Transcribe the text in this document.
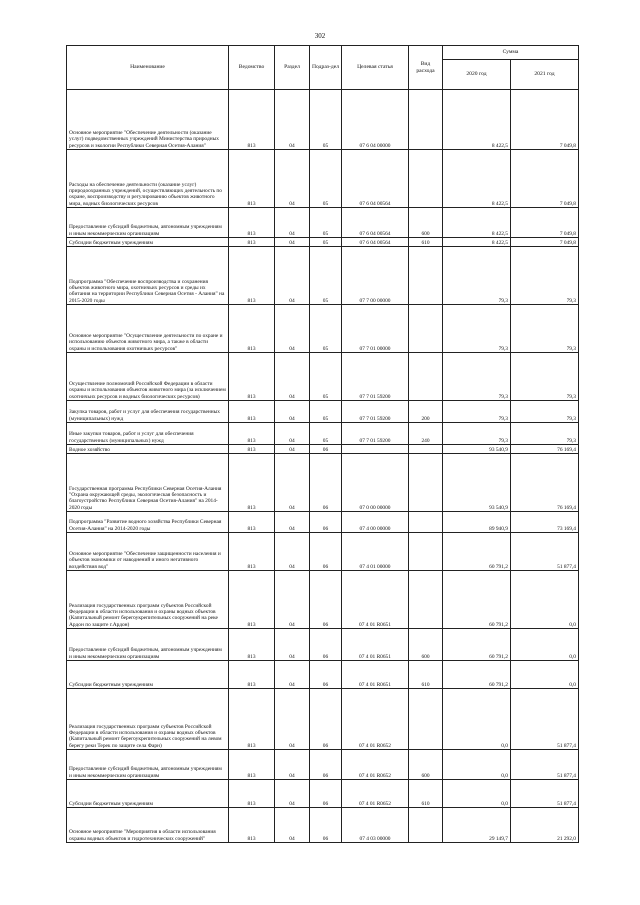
302
Наименование	Ведомство	Раздел	Подраз-дел	Целевая статья	Вид расхода	Сумма	
						2020 год	2021 год
Основное мероприятие "Обеспечение деятельности (оказание услуг) подведомственных учреждений Министерства природных ресурсов и экологии Республики Северная Осетия-Алания"	813	04	05	07 6 04 00000		8 422,5	7 049,8
Расходы на обеспечение деятельности (оказание услуг) природоохранных учреждений, осуществляющих деятельность по охране, воспроизводству и регулированию объектов животного мира, водных биологических ресурсов	813	04	05	07 6 04 00564		8 422,5	7 049,8
Предоставление субсидий бюджетным, автономным учреждениям и иным некоммерческим организациям	813	04	05	07 6 04 00564	600	8 422,5	7 049,8
Субсидии бюджетным учреждениям	813	04	05	07 6 04 00564	610	8 422,5	7 049,8
Подпрограмма "Обеспечение воспроизводства и сохранения объектов животного мира, охотничьих ресурсов и среды их обитания на территории Республики Северная Осетия - Алания" на 2015-2020 годы	813	04	05	07 7 00 00000		79,3	79,3
Основное мероприятие "Осуществление деятельности по охране и использованию объектов животного мира, а также в области охраны и использования охотничьих ресурсов"	813	04	05	07 7 01 00000		79,3	79,3
Осуществление полномочий Российской Федерации в области охраны и использования объектов животного мира (за исключением охотничьих ресурсов и водных биологических ресурсов)	813	04	05	07 7 01 59200		79,3	79,3
Закупка товаров, работ и услуг для обеспечения государственных (муниципальных) нужд	813	04	05	07 7 01 59200	200	79,3	79,3
Иные закупки товаров, работ и услуг для обеспечения государственных (муниципальных) нужд	813	04	05	07 7 01 59200	240	79,3	79,3
Водное хозяйство	813	04	06			93 540,9	76 169,4
Государственная программа Республики Северная Осетия-Алания "Охрана окружающей среды, экологическая безопасность и благоустройство Республики Северная Осетия-Алания" на 2014-2020 годы	813	04	06	07 0 00 00000		93 540,9	76 169,4
Подпрограмма "Развитие водного хозяйства Республики Северная Осетия-Алания" на 2014-2020 годы	813	04	06	07 4 00 00000		89 940,9	73 169,4
Основное мероприятие "Обеспечение защищенности населения и объектов экономики от наводнений и иного негативного воздействия вод"	813	04	06	07 4 01 00000		60 791,2	51 877,4
Реализация государственных программ субъектов Российской Федерации в области использования и охраны водных объектов (Капитальный ремонт берегоукрепительных сооружений на реке Ардон по защите г.Ардон)	813	04	06	07 4 01 R0651		60 791,2	0,0
Предоставление субсидий бюджетным, автономным учреждениям и иным некоммерческим организациям	813	04	06	07 4 01 R0651	600	60 791,2	0,0
Субсидии бюджетным учреждениям	813	04	06	07 4 01 R0651	610	60 791,2	0,0
Реализация государственных программ субъектов Российской Федерации в области использования и охраны водных объектов (Капитальный ремонт берегоукрепительных сооружений на левом берегу реки Терек по защите села Фарн)	813	04	06	07 4 01 R0652		0,0	51 877,4
Предоставление субсидий бюджетным, автономным учреждениям и иным некоммерческим организациям	813	04	06	07 4 01 R0652	600	0,0	51 877,4
Субсидии бюджетным учреждениям	813	04	06	07 4 01 R0652	610	0,0	51 877,4
Основное мероприятие "Мероприятия в области использования охраны водных объектов и гидротехнических сооружений"	813	04	06	07 4 03 00000		29 149,7	21 292,0
